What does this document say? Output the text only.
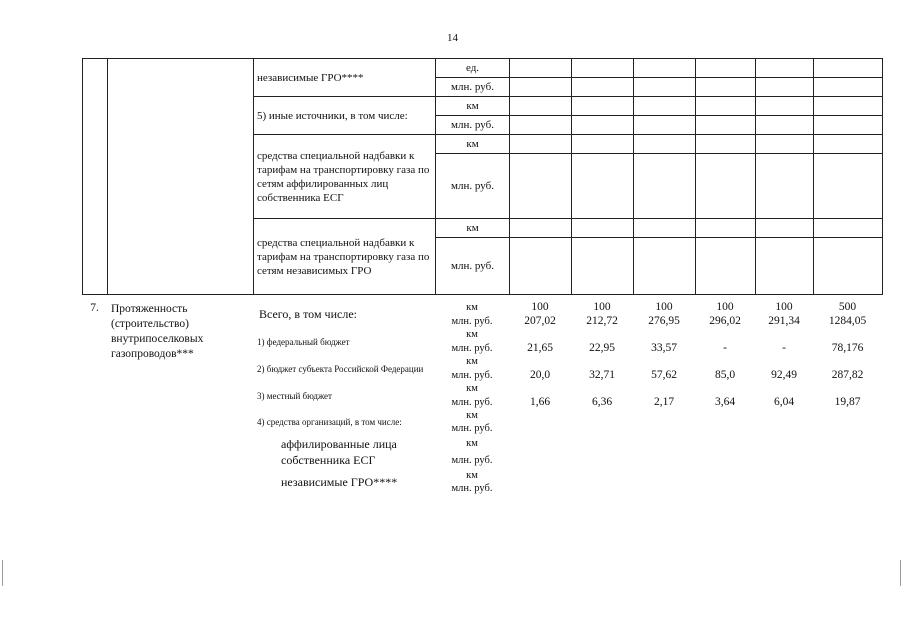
14
		независимые ГРО****	ед.						
			млн. руб.						
		5) иные источники, в том числе:	км						
			млн. руб.						
		средства специальной надбавки к тарифам на транспортировку газа по сетям аффилированных лиц собственника ЕСГ	км						
			млн. руб.						
		средства специальной надбавки к тарифам на транспортировку газа по сетям независимых ГРО	км						
			млн. руб.						
7.	Протяженность (строительство) внутрипоселковых газопроводов***	Всего, в том числе:	км	100	100	100	100	100	500
			млн. руб.	207,02	212,72	276,95	296,02	291,34	1284,05
		1) федеральный бюджет	км						
			млн. руб.	21,65	22,95	33,57	-	-	78,176

		2) бюджет субъекта Российской Федерации	км						
			млн. руб.	20,0	32,71	57,62	85,0	92,49	287,82
		3) местный бюджет	км						
			млн. руб.	1,66	6,36	2,17	3,64	6,04	19,87
		4) средства организаций, в том числе:	км						
			млн. руб.						
		аффилированные лица собственника ЕСГ	км						
			млн. руб.						
		независимые ГРО****	км						
			млн. руб.						
